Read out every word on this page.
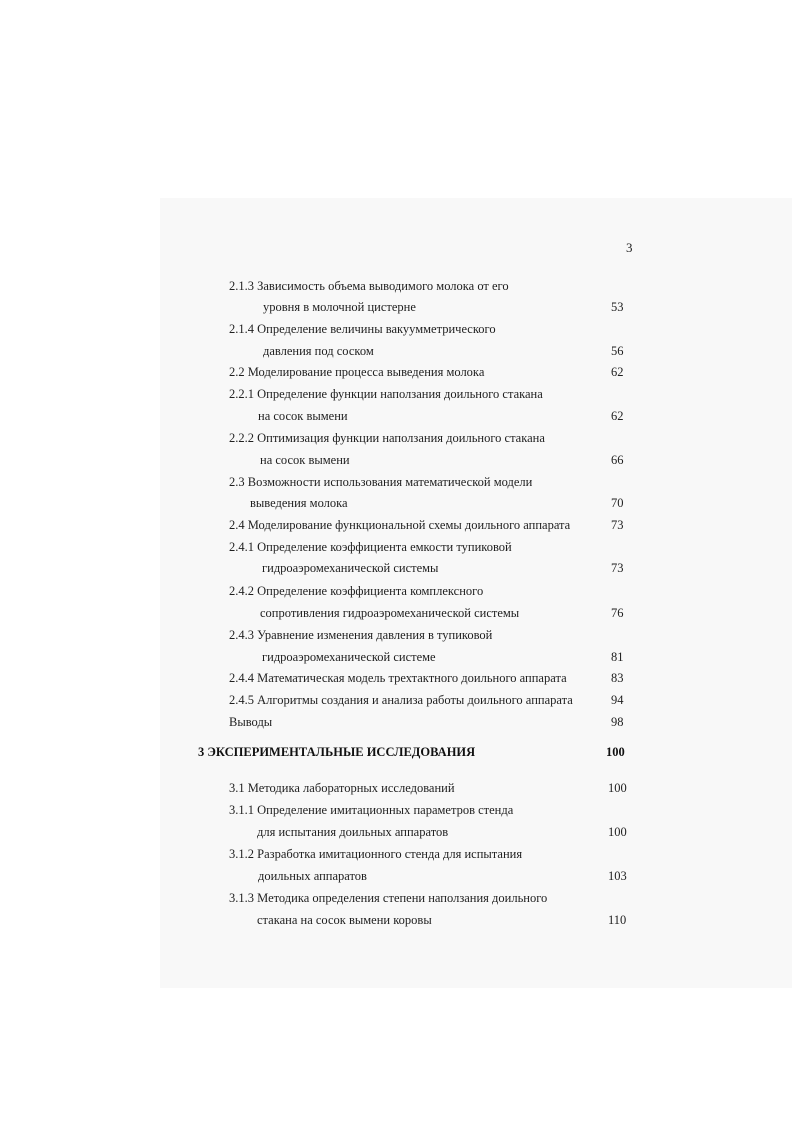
3
2.1.3 Зависимость объема выводимого молока от его
уровня в молочной цистерне	53
2.1.4 Определение величины вакуумметрического
давления под соском	56
2.2 Моделирование процесса выведения молока	62
2.2.1 Определение функции наползания доильного стакана
на сосок вымени	62
2.2.2 Оптимизация функции наползания доильного стакана
на сосок вымени	66
2.3 Возможности использования математической модели
выведения молока	70
2.4 Моделирование функциональной схемы доильного аппарата	73
2.4.1 Определение коэффициента емкости тупиковой
гидроаэромеханической системы	73
2.4.2 Определение коэффициента комплексного
сопротивления гидроаэромеханической системы	76
2.4.3 Уравнение изменения давления в тупиковой
гидроаэромеханической системе	81
2.4.4 Математическая модель трехтактного доильного аппарата	83
2.4.5 Алгоритмы создания и анализа работы доильного аппарата	94
Выводы	98
3 ЭКСПЕРИМЕНТАЛЬНЫЕ ИССЛЕДОВАНИЯ	100
3.1 Методика лабораторных исследований	100
3.1.1 Определение имитационных параметров стенда
для испытания доильных аппаратов	100
3.1.2 Разработка имитационного стенда для испытания
доильных аппаратов	103
3.1.3 Методика определения степени наползания доильного
стакана на сосок вымени коровы	110
